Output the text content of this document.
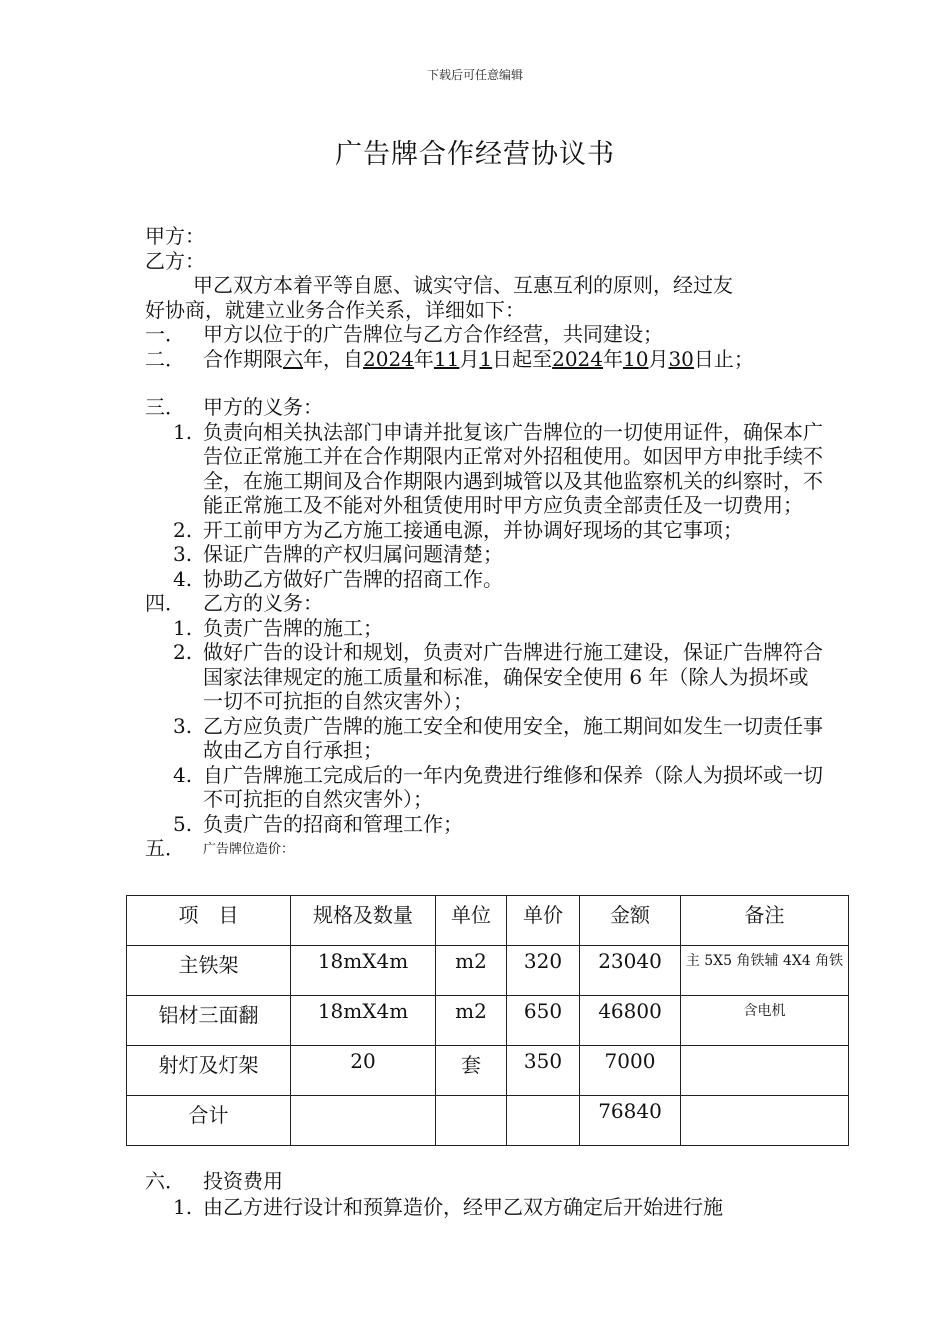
下载后可任意编辑
广告牌合作经营协议书
甲方：
乙方：
甲乙双方本着平等自愿、诚实守信、互惠互利的原则，经过友
好协商，就建立业务合作关系，详细如下：
一． 甲方以位于的广告牌位与乙方合作经营，共同建设；
二． 合作期限六年，自2024年11月1日起至2024年10月30日止；
三． 甲方的义务：
1. 负责向相关执法部门申请并批复该广告牌位的一切使用证件，确保本广告位正常施工并在合作期限内正常对外招租使用。如因甲方申批手续不全，在施工期间及合作期限内遇到城管以及其他监察机关的纠察时，不能正常施工及不能对外租赁使用时甲方应负责全部责任及一切费用；
2. 开工前甲方为乙方施工接通电源，并协调好现场的其它事项；
3. 保证广告牌的产权归属问题清楚；
4. 协助乙方做好广告牌的招商工作。
四． 乙方的义务：
1. 负责广告牌的施工；
2. 做好广告的设计和规划，负责对广告牌进行施工建设，保证广告牌符合国家法律规定的施工质量和标准，确保安全使用 6 年（除人为损坏或一切不可抗拒的自然灾害外）；
3. 乙方应负责广告牌的施工安全和使用安全，施工期间如发生一切责任事故由乙方自行承担；
4. 自广告牌施工完成后的一年内免费进行维修和保养（除人为损坏或一切不可抗拒的自然灾害外）；
5. 负责广告的招商和管理工作；
五． 广告牌位造价：
项　目	规格及数量	单位	单价	金额	备注
主铁架	18mX4m	m2	320	23040	主 5X5 角铁辅 4X4 角铁
铝材三面翻	18mX4m	m2	650	46800	含电机
射灯及灯架	20	套	350	7000	
合计				76840	
六． 投资费用
1. 由乙方进行设计和预算造价，经甲乙双方确定后开始进行施
